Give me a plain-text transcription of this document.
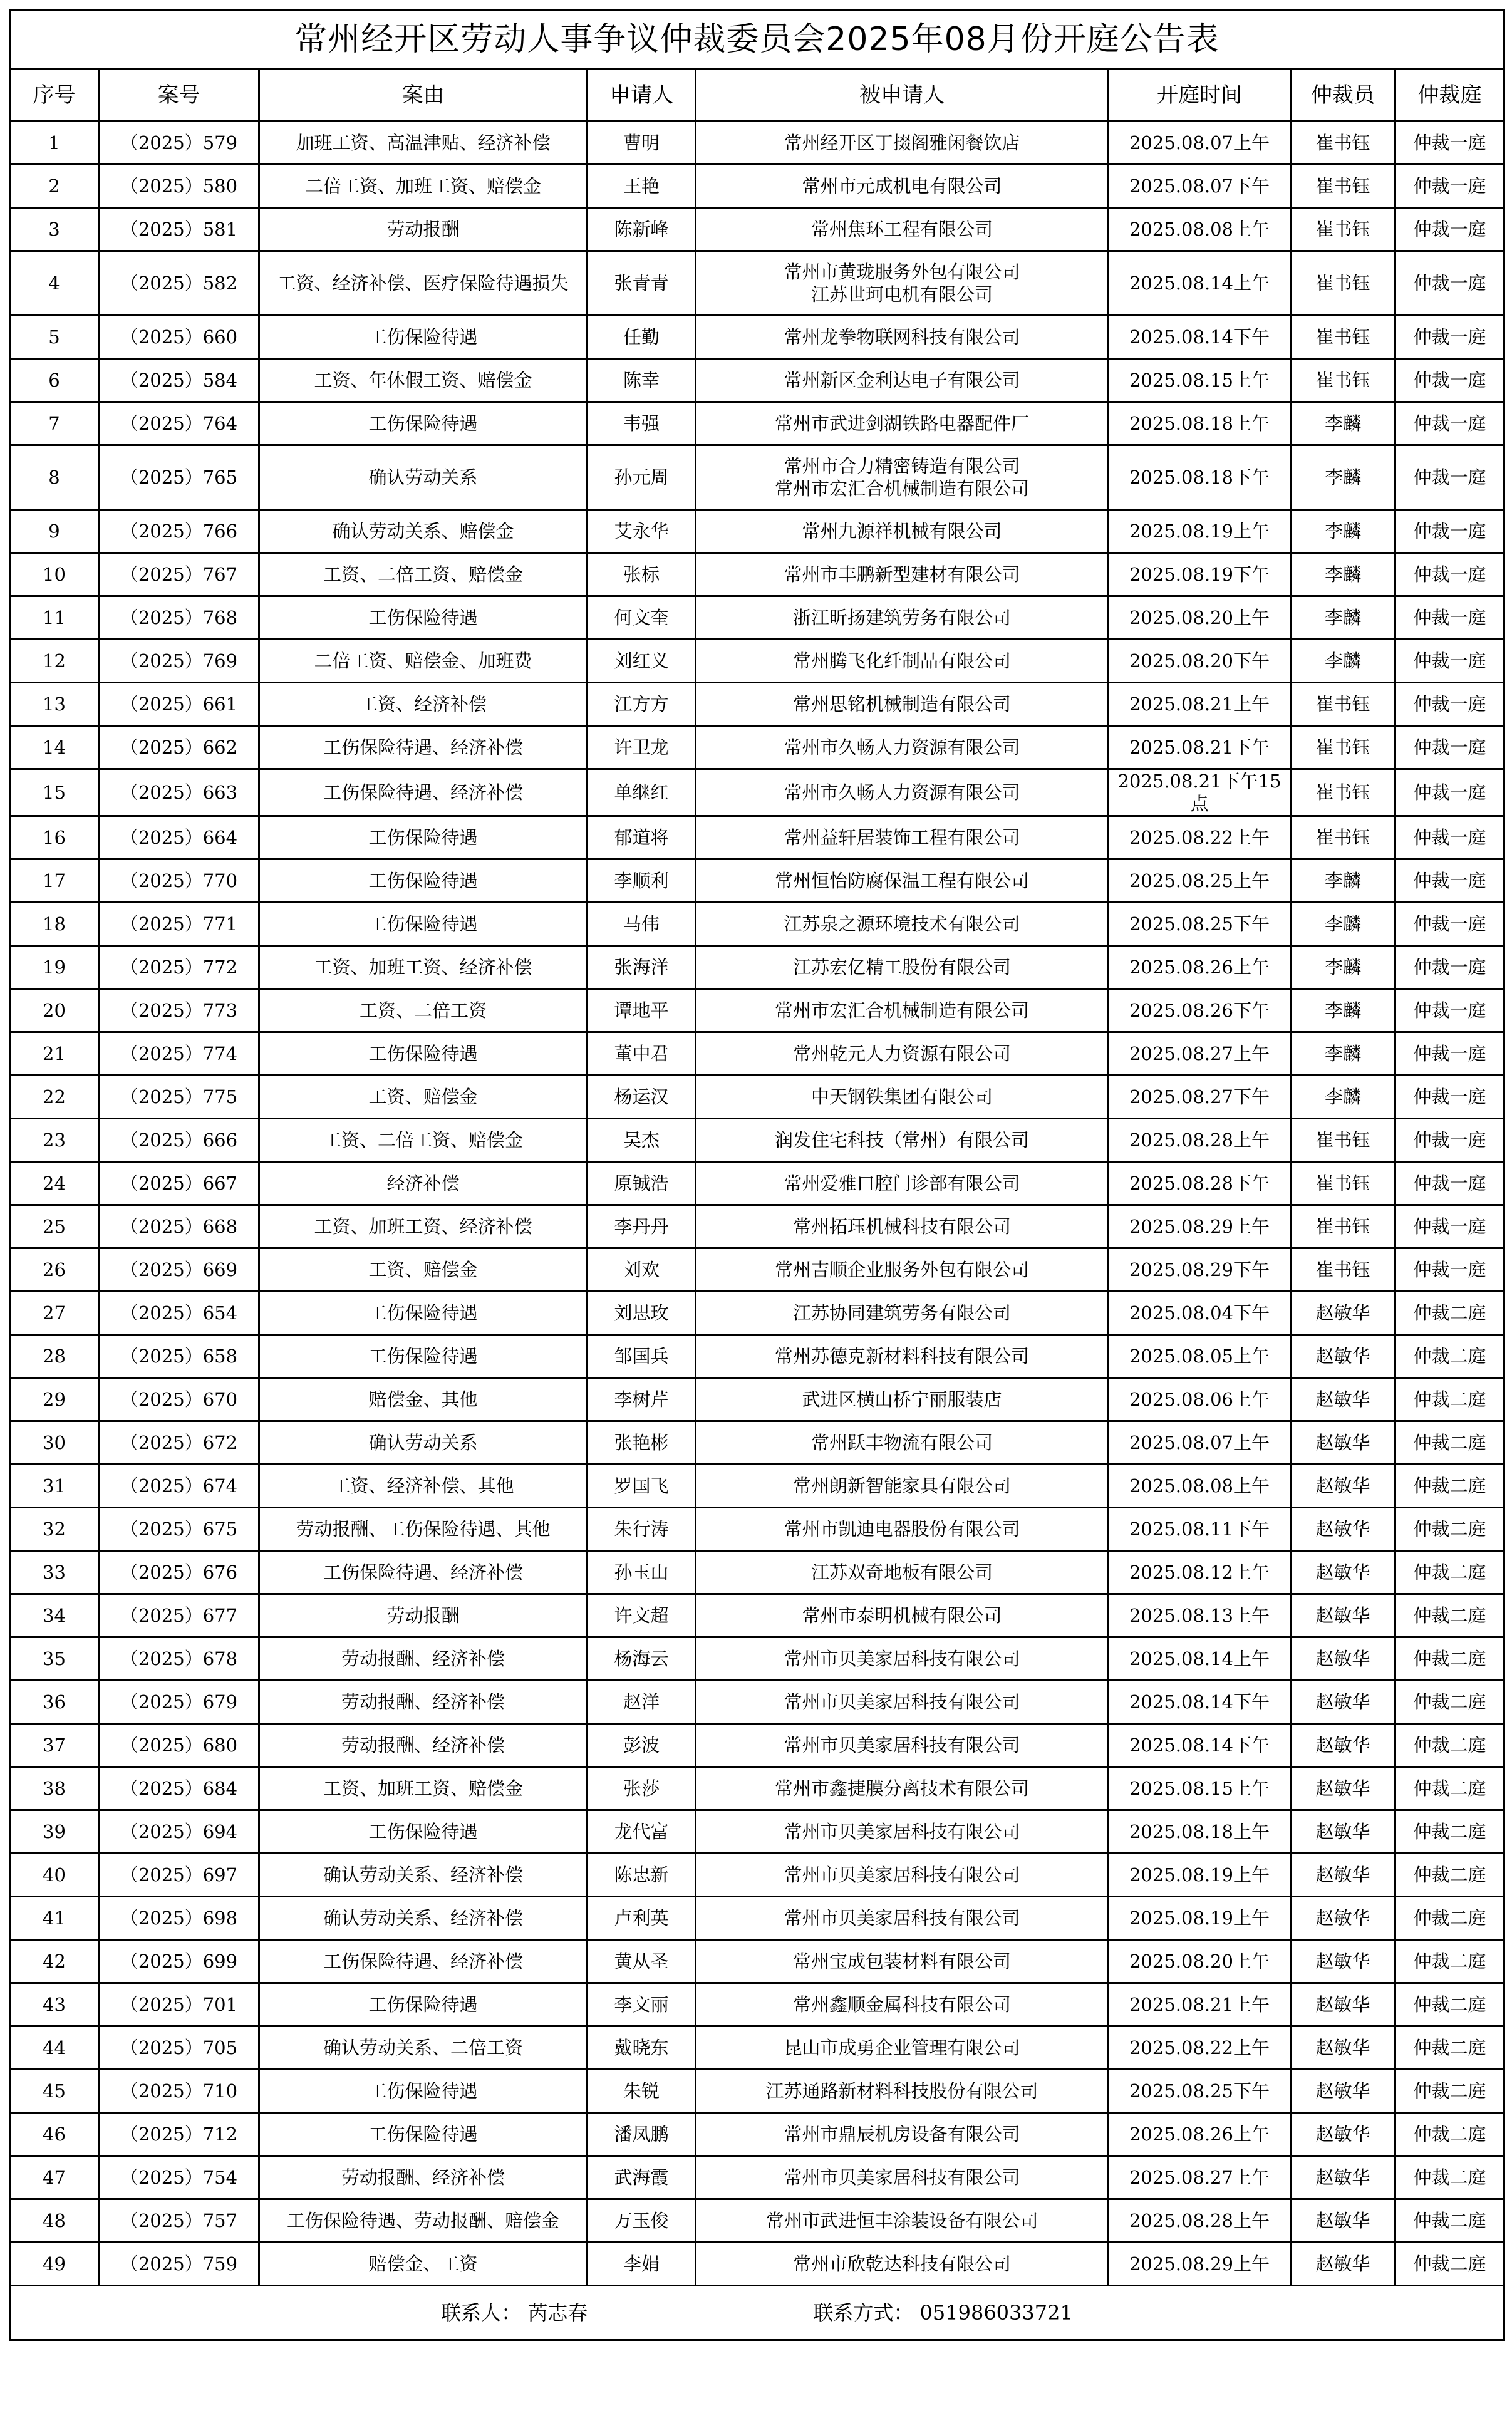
常州经开区劳动人事争议仲裁委员会2025年08月份开庭公告表							
序号	案号	案由	申请人	被申请人	开庭时间	仲裁员	仲裁庭
1	（2025）579	加班工资、高温津贴、经济补偿	曹明	常州经开区丁掇阁雅闲餐饮店	2025.08.07上午	崔书钰	仲裁一庭
2	（2025）580	二倍工资、加班工资、赔偿金	王艳	常州市元成机电有限公司	2025.08.07下午	崔书钰	仲裁一庭
3	（2025）581	劳动报酬	陈新峰	常州焦环工程有限公司	2025.08.08上午	崔书钰	仲裁一庭
4	（2025）582	工资、经济补偿、医疗保险待遇损失	张青青	常州市黄珑服务外包有限公司
江苏世珂电机有限公司	2025.08.14上午	崔书钰	仲裁一庭
5	（2025）660	工伤保险待遇	任勤	常州龙拳物联网科技有限公司	2025.08.14下午	崔书钰	仲裁一庭
6	（2025）584	工资、年休假工资、赔偿金	陈幸	常州新区金利达电子有限公司	2025.08.15上午	崔书钰	仲裁一庭
7	（2025）764	工伤保险待遇	韦强	常州市武进剑湖铁路电器配件厂	2025.08.18上午	李麟	仲裁一庭
8	（2025）765	确认劳动关系	孙元周	常州市合力精密铸造有限公司
常州市宏汇合机械制造有限公司	2025.08.18下午	李麟	仲裁一庭
9	（2025）766	确认劳动关系、赔偿金	艾永华	常州九源祥机械有限公司	2025.08.19上午	李麟	仲裁一庭
10	（2025）767	工资、二倍工资、赔偿金	张标	常州市丰鹏新型建材有限公司	2025.08.19下午	李麟	仲裁一庭
11	（2025）768	工伤保险待遇	何文奎	浙江昕扬建筑劳务有限公司	2025.08.20上午	李麟	仲裁一庭
12	（2025）769	二倍工资、赔偿金、加班费	刘红义	常州腾飞化纤制品有限公司	2025.08.20下午	李麟	仲裁一庭
13	（2025）661	工资、经济补偿	江方方	常州思铭机械制造有限公司	2025.08.21上午	崔书钰	仲裁一庭
14	（2025）662	工伤保险待遇、经济补偿	许卫龙	常州市久畅人力资源有限公司	2025.08.21下午	崔书钰	仲裁一庭
15	（2025）663	工伤保险待遇、经济补偿	单继红	常州市久畅人力资源有限公司	2025.08.21下午15点	崔书钰	仲裁一庭
16	（2025）664	工伤保险待遇	郁道将	常州益轩居装饰工程有限公司	2025.08.22上午	崔书钰	仲裁一庭
17	（2025）770	工伤保险待遇	李顺利	常州恒怡防腐保温工程有限公司	2025.08.25上午	李麟	仲裁一庭
18	（2025）771	工伤保险待遇	马伟	江苏泉之源环境技术有限公司	2025.08.25下午	李麟	仲裁一庭
19	（2025）772	工资、加班工资、经济补偿	张海洋	江苏宏亿精工股份有限公司	2025.08.26上午	李麟	仲裁一庭
20	（2025）773	工资、二倍工资	谭地平	常州市宏汇合机械制造有限公司	2025.08.26下午	李麟	仲裁一庭
21	（2025）774	工伤保险待遇	董中君	常州乾元人力资源有限公司	2025.08.27上午	李麟	仲裁一庭
22	（2025）775	工资、赔偿金	杨运汉	中天钢铁集团有限公司	2025.08.27下午	李麟	仲裁一庭
23	（2025）666	工资、二倍工资、赔偿金	吴杰	润发住宅科技（常州）有限公司	2025.08.28上午	崔书钰	仲裁一庭
24	（2025）667	经济补偿	原铖浩	常州爱雅口腔门诊部有限公司	2025.08.28下午	崔书钰	仲裁一庭
25	（2025）668	工资、加班工资、经济补偿	李丹丹	常州拓珏机械科技有限公司	2025.08.29上午	崔书钰	仲裁一庭
26	（2025）669	工资、赔偿金	刘欢	常州吉顺企业服务外包有限公司	2025.08.29下午	崔书钰	仲裁一庭
27	（2025）654	工伤保险待遇	刘思玫	江苏协同建筑劳务有限公司	2025.08.04下午	赵敏华	仲裁二庭
28	（2025）658	工伤保险待遇	邹国兵	常州苏德克新材料科技有限公司	2025.08.05上午	赵敏华	仲裁二庭
29	（2025）670	赔偿金、其他	李树芹	武进区横山桥宁丽服装店	2025.08.06上午	赵敏华	仲裁二庭
30	（2025）672	确认劳动关系	张艳彬	常州跃丰物流有限公司	2025.08.07上午	赵敏华	仲裁二庭
31	（2025）674	工资、经济补偿、其他	罗国飞	常州朗新智能家具有限公司	2025.08.08上午	赵敏华	仲裁二庭
32	（2025）675	劳动报酬、工伤保险待遇、其他	朱行涛	常州市凯迪电器股份有限公司	2025.08.11下午	赵敏华	仲裁二庭
33	（2025）676	工伤保险待遇、经济补偿	孙玉山	江苏双奇地板有限公司	2025.08.12上午	赵敏华	仲裁二庭
34	（2025）677	劳动报酬	许文超	常州市泰明机械有限公司	2025.08.13上午	赵敏华	仲裁二庭
35	（2025）678	劳动报酬、经济补偿	杨海云	常州市贝美家居科技有限公司	2025.08.14上午	赵敏华	仲裁二庭
36	（2025）679	劳动报酬、经济补偿	赵洋	常州市贝美家居科技有限公司	2025.08.14下午	赵敏华	仲裁二庭
37	（2025）680	劳动报酬、经济补偿	彭波	常州市贝美家居科技有限公司	2025.08.14下午	赵敏华	仲裁二庭
38	（2025）684	工资、加班工资、赔偿金	张莎	常州市鑫捷膜分离技术有限公司	2025.08.15上午	赵敏华	仲裁二庭
39	（2025）694	工伤保险待遇	龙代富	常州市贝美家居科技有限公司	2025.08.18上午	赵敏华	仲裁二庭
40	（2025）697	确认劳动关系、经济补偿	陈忠新	常州市贝美家居科技有限公司	2025.08.19上午	赵敏华	仲裁二庭
41	（2025）698	确认劳动关系、经济补偿	卢利英	常州市贝美家居科技有限公司	2025.08.19上午	赵敏华	仲裁二庭
42	（2025）699	工伤保险待遇、经济补偿	黄从圣	常州宝成包装材料有限公司	2025.08.20上午	赵敏华	仲裁二庭
43	（2025）701	工伤保险待遇	李文丽	常州鑫顺金属科技有限公司	2025.08.21上午	赵敏华	仲裁二庭
44	（2025）705	确认劳动关系、二倍工资	戴晓东	昆山市成勇企业管理有限公司	2025.08.22上午	赵敏华	仲裁二庭
45	（2025）710	工伤保险待遇	朱锐	江苏通路新材料科技股份有限公司	2025.08.25下午	赵敏华	仲裁二庭
46	（2025）712	工伤保险待遇	潘凤鹏	常州市鼎辰机房设备有限公司	2025.08.26上午	赵敏华	仲裁二庭
47	（2025）754	劳动报酬、经济补偿	武海霞	常州市贝美家居科技有限公司	2025.08.27上午	赵敏华	仲裁二庭
48	（2025）757	工伤保险待遇、劳动报酬、赔偿金	万玉俊	常州市武进恒丰涂装设备有限公司	2025.08.28上午	赵敏华	仲裁二庭
49	（2025）759	赔偿金、工资	李娟	常州市欣乾达科技有限公司	2025.08.29上午	赵敏华	仲裁二庭
联系人： 芮志春 联系方式： 051986033721							
